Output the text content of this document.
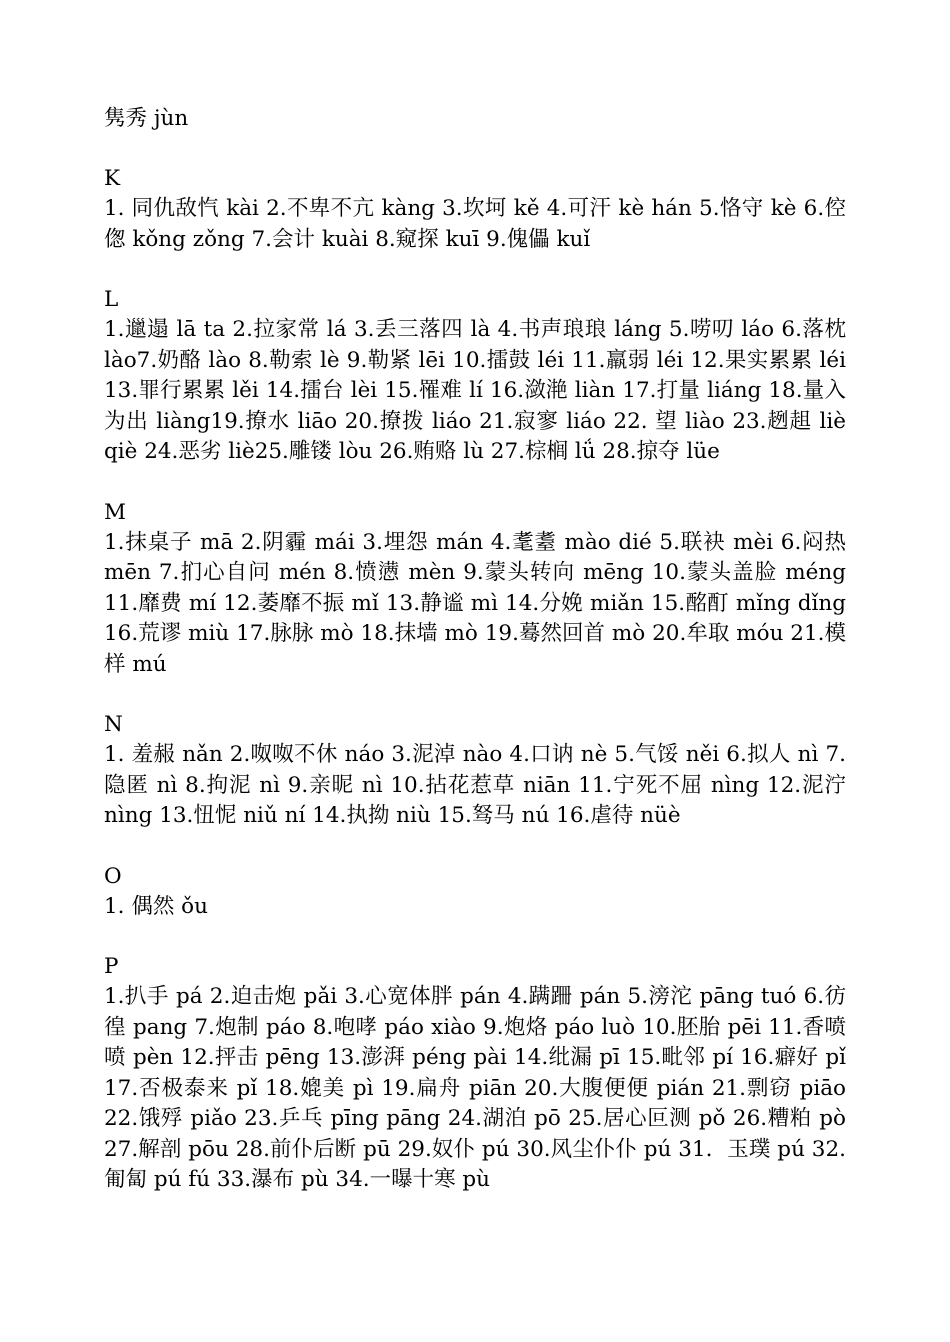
隽秀 jùn

K

1. 同仇敌忾 kài 2.不卑不亢 kàng 3.坎坷 kě 4.可汗 kè hán 5.恪守 kè 6.倥偬 kǒng zǒng 7.会计 kuài 8.窥探 kuī 9.傀儡 kuǐ

L

1.邋遢 lā ta 2.拉家常 lá 3.丢三落四 là 4.书声琅琅 láng 5.唠叨 láo 6.落枕 lào7.奶酪 lào 8.勒索 lè 9.勒紧 lēi 10.擂鼓 léi 11.羸弱 léi 12.果实累累 léi 13.罪行累累 lěi 14.擂台 lèi 15.罹难 lí 16.潋滟 liàn 17.打量 liáng 18.量入为出 liàng19.撩水 liāo 20.撩拨 liáo 21.寂寥 liáo 22. 望 liào 23.趔趄 liè qiè 24.恶劣 liè25.雕镂 lòu 26.贿赂 lù 27.棕榈 lǘ 28.掠夺 lüe

M

1.抹桌子 mā 2.阴霾 mái 3.埋怨 mán 4.耄耋 mào dié 5.联袂 mèi 6.闷热 mēn 7.扪心自问 mén 8.愤懑 mèn 9.蒙头转向 mēng 10.蒙头盖脸 méng 11.靡费 mí 12.萎靡不振 mǐ 13.静谧 mì 14.分娩 miǎn 15.酩酊 mǐng dǐng 16.荒谬 miù 17.脉脉 mò 18.抹墙 mò 19.蓦然回首 mò 20.牟取 móu 21.模样 mú

N

1. 羞赧 nǎn 2.呶呶不休 náo 3.泥淖 nào 4.口讷 nè 5.气馁 něi 6.拟人 nì 7.隐匿 nì 8.拘泥 nì 9.亲昵 nì 10.拈花惹草 niān 11.宁死不屈 nìng 12.泥泞 nìng 13.忸怩 niǔ ní 14.执拗 niù 15.驽马 nú 16.虐待 nüè

O

1. 偶然 ǒu

P

1.扒手 pá 2.迫击炮 pǎi 3.心宽体胖 pán 4.蹒跚 pán 5.滂沱 pāng tuó 6.彷徨 pang 7.炮制 páo 8.咆哮 páo xiào 9.炮烙 páo luò 10.胚胎 pēi 11.香喷喷 pèn 12.抨击 pēng 13.澎湃 péng pài 14.纰漏 pī 15.毗邻 pí 16.癖好 pǐ 17.否极泰来 pǐ 18.媲美 pì 19.扁舟 piān 20.大腹便便 pián 21.剽窃 piāo 22.饿殍 piǎo 23.乒乓 pīng pāng 24.湖泊 pō 25.居心叵测 pǒ 26.糟粕 pò 27.解剖 pōu 28.前仆后断 pū 29.奴仆 pú 30.风尘仆仆 pú 31．玉璞 pú 32.匍匐 pú fú 33.瀑布 pù 34.一曝十寒 pù
